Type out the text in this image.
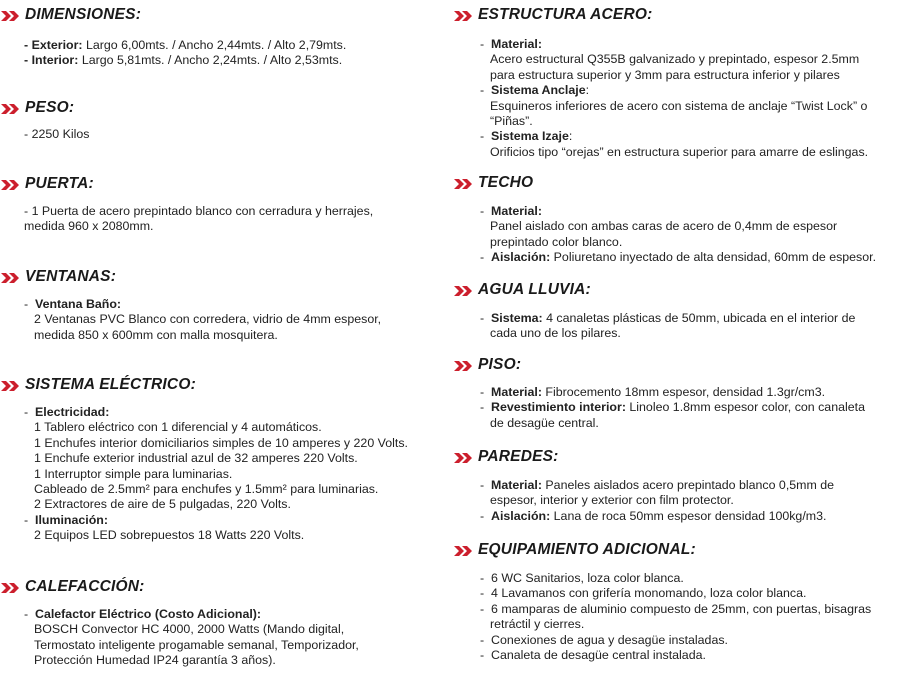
DIMENSIONES:
- Exterior: Largo 6,00mts. / Ancho 2,44mts. / Alto 2,79mts.
- Interior: Largo 5,81mts. / Ancho 2,24mts. / Alto 2,53mts.
PESO:
- 2250 Kilos
PUERTA:
- 1 Puerta de acero prepintado blanco con cerradura y herrajes,
medida 960 x 2080mm.
VENTANAS:
- Ventana Baño:
2 Ventanas PVC Blanco con corredera, vidrio de 4mm espesor,
medida 850 x 600mm con malla mosquitera.
SISTEMA ELÉCTRICO:
- Electricidad:
1 Tablero eléctrico con 1 diferencial y 4 automáticos.
1 Enchufes interior domiciliarios simples de 10 amperes y 220 Volts.
1 Enchufe exterior industrial azul de 32 amperes 220 Volts.
1 Interruptor simple para luminarias.
Cableado de 2.5mm² para enchufes y 1.5mm² para luminarias.
2 Extractores de aire de 5 pulgadas, 220 Volts.
- Iluminación:
2 Equipos LED sobrepuestos 18 Watts 220 Volts.
CALEFACCIÓN:
- Calefactor Eléctrico (Costo Adicional):
BOSCH Convector HC 4000, 2000 Watts (Mando digital,
Termostato inteligente progamable semanal, Temporizador,
Protección Humedad IP24 garantía 3 años).
ESTRUCTURA ACERO:
- Material:
Acero estructural Q355B galvanizado y prepintado, espesor 2.5mm
para estructura superior y 3mm para estructura inferior y pilares
- Sistema Anclaje:
Esquineros inferiores de acero con sistema de anclaje “Twist Lock” o
“Piñas”.
- Sistema Izaje:
Orificios tipo “orejas” en estructura superior para amarre de eslingas.
TECHO
- Material:
Panel aislado con ambas caras de acero de 0,4mm de espesor
prepintado color blanco.
- Aislación: Poliuretano inyectado de alta densidad, 60mm de espesor.
AGUA LLUVIA:
- Sistema: 4 canaletas plásticas de 50mm, ubicada en el interior de
cada uno de los pilares.
PISO:
- Material: Fibrocemento 18mm espesor, densidad 1.3gr/cm3.
- Revestimiento interior: Linoleo 1.8mm espesor color, con canaleta
de desagüe central.
PAREDES:
- Material: Paneles aislados acero prepintado blanco 0,5mm de
espesor, interior y exterior con film protector.
- Aislación: Lana de roca 50mm espesor densidad 100kg/m3.
EQUIPAMIENTO ADICIONAL:
- 6 WC Sanitarios, loza color blanca.
- 4 Lavamanos con grifería monomando, loza color blanca.
- 6 mamparas de aluminio compuesto de 25mm, con puertas, bisagras
retráctil y cierres.
- Conexiones de agua y desagüe instaladas.
- Canaleta de desagüe central instalada.
